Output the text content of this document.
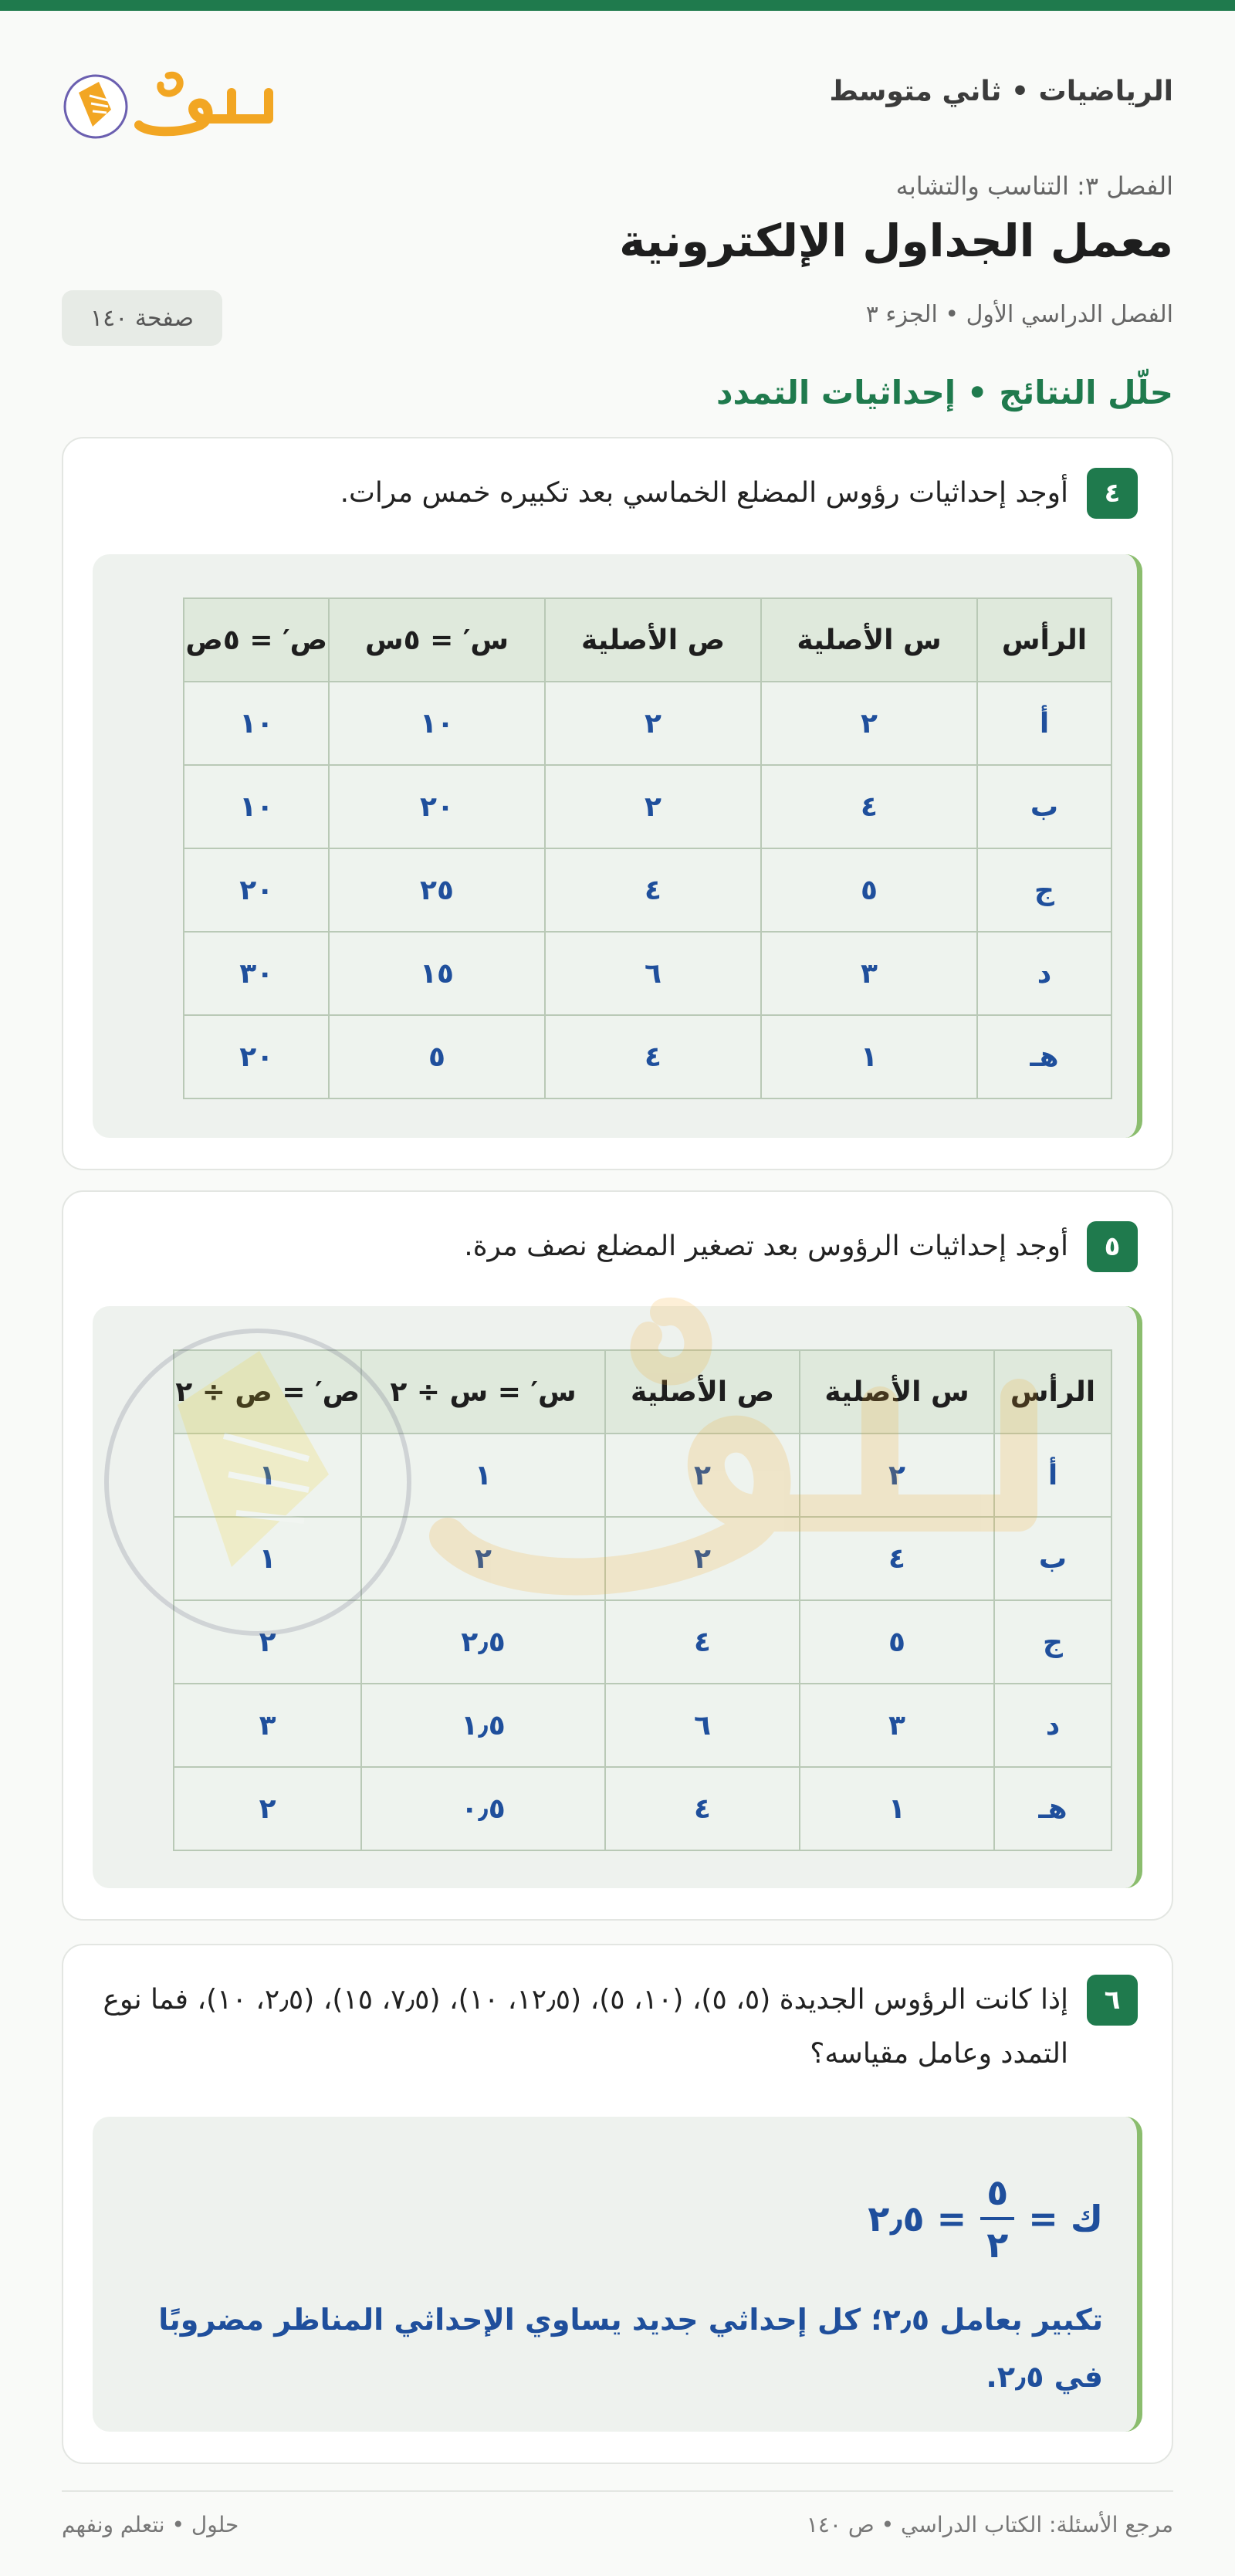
الرياضيات • ثاني متوسط
الفصل ٣: التناسب والتشابه
معمل الجداول الإلكترونية
الفصل الدراسي الأول • الجزء ٣
صفحة ١٤٠
حلّل النتائج • إحداثيات التمدد
٤
أوجد إحداثيات رؤوس المضلع الخماسي بعد تكبيره خمس مرات.
الرأس	س الأصلية	ص الأصلية	س′ = ٥س	ص′ = ٥ص
أ	٢	٢	١٠	١٠
ب	٤	٢	٢٠	١٠
ج	٥	٤	٢٥	٢٠
د	٣	٦	١٥	٣٠
هـ	١	٤	٥	٢٠
٥
أوجد إحداثيات الرؤوس بعد تصغير المضلع نصف مرة.
الرأس	س الأصلية	ص الأصلية	س′ = س ÷ ٢	ص′ = ص ÷ ٢
أ	٢	٢	١	١
ب	٤	٢	٢	١
ج	٥	٤	٢٫٥	٢
د	٣	٦	١٫٥	٣
هـ	١	٤	٠٫٥	٢
٦
إذا كانت الرؤوس الجديدة (٥، ٥)، (١٠، ٥)، (١٢٫٥، ١٠)، (٧٫٥، ١٥)، (٢٫٥، ١٠)، فما نوع التمدد وعامل مقياسه؟
ك =
$\frac{٥}{٢}$
= ٢٫٥
تكبير بعامل ٢٫٥؛ كل إحداثي جديد يساوي الإحداثي المناظر مضروبًا في ٢٫٥.
مرجع الأسئلة: الكتاب الدراسي • ص ١٤٠
حلول • نتعلم ونفهم
